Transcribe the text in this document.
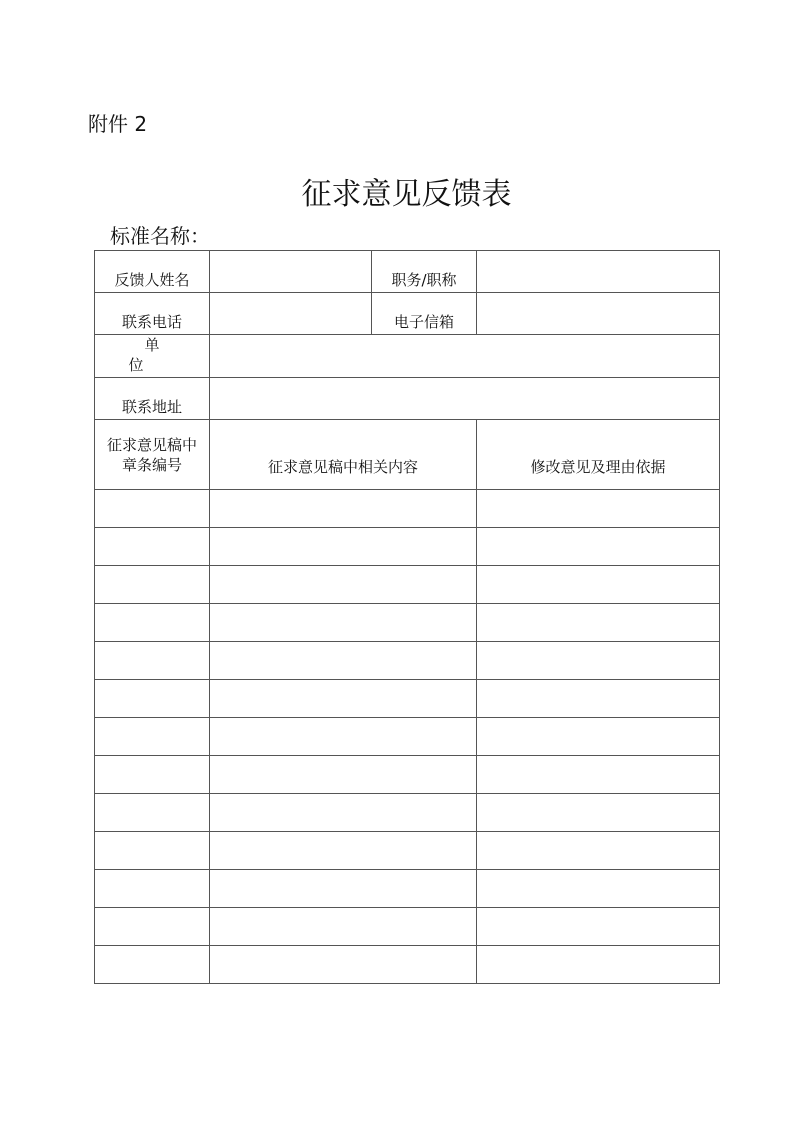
附件 2
征求意见反馈表
标准名称：
反馈人姓名		职务/职称	
联系电话		电子信箱	
单位			
联系地址			

征求意见稿中
章条编号	征求意见稿中相关内容		修改意见及理由依据
